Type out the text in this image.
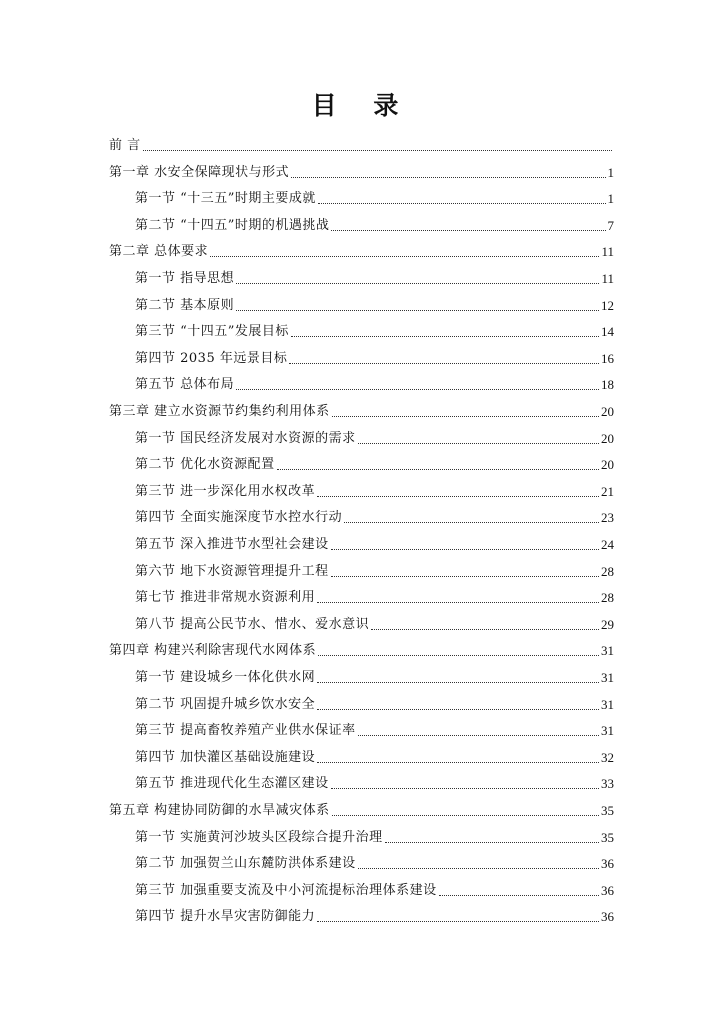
目 录
前 言
第一章 水安全保障现状与形式	1
第一节 “十三五”时期主要成就	1
第二节 “十四五”时期的机遇挑战	7
第二章 总体要求	11
第一节 指导思想	11
第二节 基本原则	12
第三节 “十四五”发展目标	14
第四节 2035 年远景目标	16
第五节 总体布局	18
第三章 建立水资源节约集约利用体系	20
第一节 国民经济发展对水资源的需求	20
第二节 优化水资源配置	20
第三节 进一步深化用水权改革	21
第四节 全面实施深度节水控水行动	23
第五节 深入推进节水型社会建设	24
第六节 地下水资源管理提升工程	28
第七节 推进非常规水资源利用	28
第八节 提高公民节水、惜水、爱水意识	29
第四章 构建兴利除害现代水网体系	31
第一节 建设城乡一体化供水网	31
第二节 巩固提升城乡饮水安全	31
第三节 提高畜牧养殖产业供水保证率	31
第四节 加快灌区基础设施建设	32
第五节 推进现代化生态灌区建设	33
第五章 构建协同防御的水旱减灾体系	35
第一节 实施黄河沙坡头区段综合提升治理	35
第二节 加强贺兰山东麓防洪体系建设	36
第三节 加强重要支流及中小河流提标治理体系建设	36
第四节 提升水旱灾害防御能力	36
